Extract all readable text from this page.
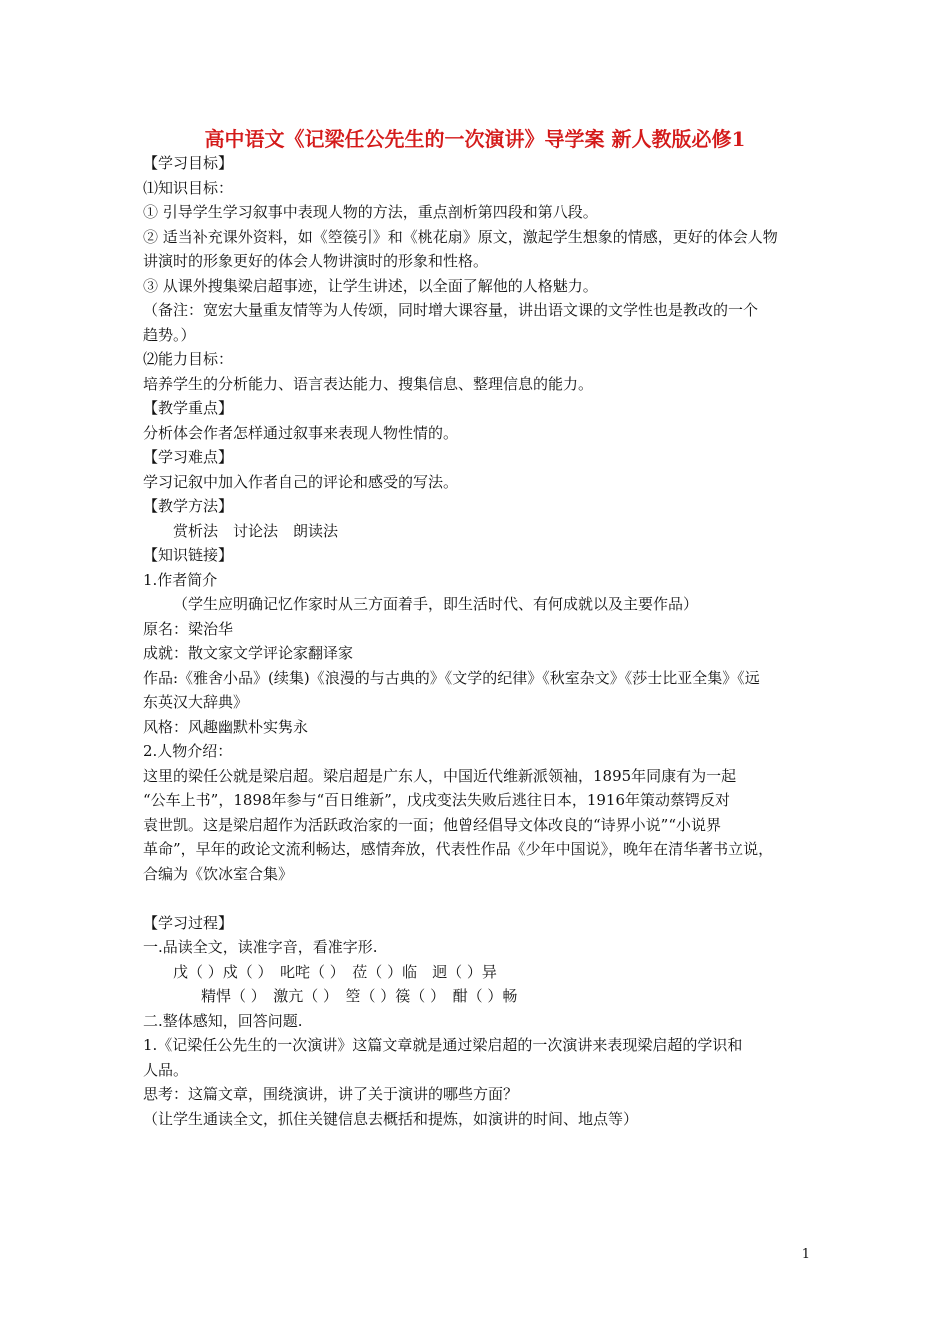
高中语文《记梁任公先生的一次演讲》导学案 新人教版必修1
【学习目标】
⑴知识目标：
① 引导学生学习叙事中表现人物的方法，重点剖析第四段和第八段。
② 适当补充课外资料，如《箜篌引》和《桃花扇》原文，激起学生想象的情感，更好的体会人物
讲演时的形象更好的体会人物讲演时的形象和性格。
③ 从课外搜集梁启超事迹，让学生讲述，以全面了解他的人格魅力。
（备注：宽宏大量重友情等为人传颂，同时增大课容量，讲出语文课的文学性也是教改的一个
趋势。）
⑵能力目标：
培养学生的分析能力、语言表达能力、搜集信息、整理信息的能力。
【教学重点】
分析体会作者怎样通过叙事来表现人物性情的。
【学习难点】
学习记叙中加入作者自己的评论和感受的写法。
【教学方法】
赏析法　讨论法　朗读法
【知识链接】
1.作者简介
（学生应明确记忆作家时从三方面着手，即生活时代、有何成就以及主要作品）
原名：梁治华
成就：散文家文学评论家翻译家
作品:《雅舍小品》(续集)《浪漫的与古典的》《文学的纪律》《秋室杂文》《莎士比亚全集》《远
东英汉大辞典》
风格：风趣幽默朴实隽永
2.人物介绍：
这里的梁任公就是梁启超。梁启超是广东人，中国近代维新派领袖，1895年同康有为一起
“公车上书”，1898年参与“百日维新”，戊戌变法失败后逃往日本，1916年策动蔡锷反对
袁世凯。这是梁启超作为活跃政治家的一面；他曾经倡导文体改良的“诗界小说”“小说界
革命”，早年的政论文流利畅达，感情奔放，代表性作品《少年中国说》，晚年在清华著书立说，
合编为《饮冰室合集》
【学习过程】
一.品读全文，读准字音，看准字形.
戊（ ）戍（ ）　叱咤（ ）　莅（ ）临　迥（ ）异
精悍（ ）　激亢（ ）　箜（ ）篌（ ）　酣（ ）畅
二.整体感知，回答问题.
1.《记梁任公先生的一次演讲》这篇文章就是通过梁启超的一次演讲来表现梁启超的学识和
人品。
思考：这篇文章，围绕演讲，讲了关于演讲的哪些方面？
（让学生通读全文，抓住关键信息去概括和提炼，如演讲的时间、地点等）
1
